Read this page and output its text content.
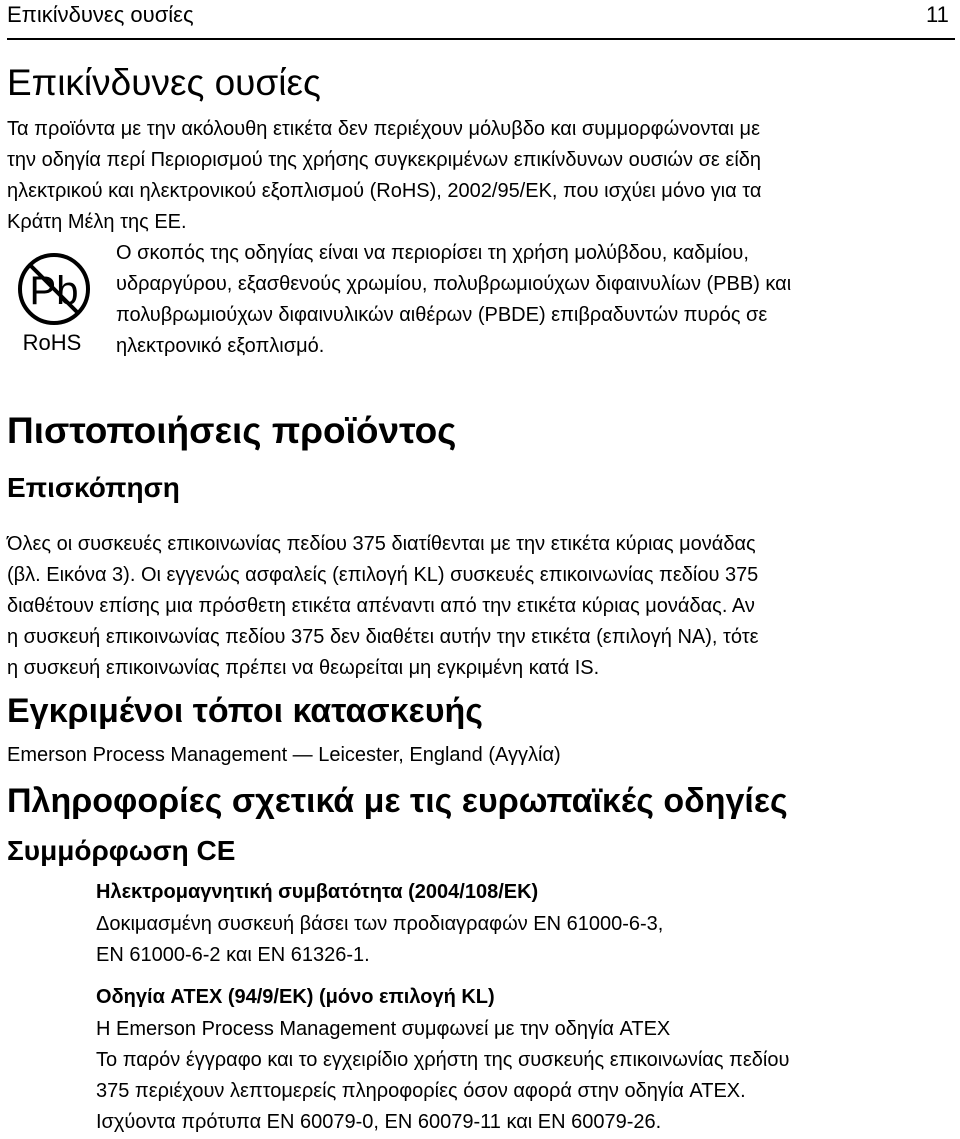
Επικίνδυνες ουσίες	11
Επικίνδυνες ουσίες
Τα προϊόντα με την ακόλουθη ετικέτα δεν περιέχουν μόλυβδο και συμμορφώνονται με
την οδηγία περί Περιορισμού της χρήσης συγκεκριμένων επικίνδυνων ουσιών σε είδη
ηλεκτρικού και ηλεκτρονικού εξοπλισμού (RoHS), 2002/95/ΕΚ, που ισχύει μόνο για τα
Κράτη Μέλη της ΕΕ.
Pb
RoHS
Ο σκοπός της οδηγίας είναι να περιορίσει τη χρήση μολύβδου, καδμίου,
υδραργύρου, εξασθενούς χρωμίου, πολυβρωμιούχων διφαινυλίων (PBB) και
πολυβρωμιούχων διφαινυλικών αιθέρων (PBDE) επιβραδυντών πυρός σε
ηλεκτρονικό εξοπλισμό.
Πιστοποιήσεις προϊόντος
Επισκόπηση
Όλες οι συσκευές επικοινωνίας πεδίου 375 διατίθενται με την ετικέτα κύριας μονάδας
(βλ. Εικόνα 3). Οι εγγενώς ασφαλείς (επιλογή KL) συσκευές επικοινωνίας πεδίου 375
διαθέτουν επίσης μια πρόσθετη ετικέτα απέναντι από την ετικέτα κύριας μονάδας. Αν
η συσκευή επικοινωνίας πεδίου 375 δεν διαθέτει αυτήν την ετικέτα (επιλογή ΝΑ), τότε
η συσκευή επικοινωνίας πρέπει να θεωρείται μη εγκριμένη κατά IS.
Εγκριμένοι τόποι κατασκευής
Emerson Process Management — Leicester, England (Αγγλία)
Πληροφορίες σχετικά με τις ευρωπαϊκές οδηγίες
Συμμόρφωση CE
Ηλεκτρομαγνητική συμβατότητα (2004/108/ΕΚ)
Δοκιμασμένη συσκευή βάσει των προδιαγραφών EN 61000-6-3,
EN 61000-6-2 και EN 61326-1.
Οδηγία ATEX (94/9/ΕΚ) (μόνο επιλογή KL)
Η Emerson Process Management συμφωνεί με την οδηγία ATEX
Το παρόν έγγραφο και το εγχειρίδιο χρήστη της συσκευής επικοινωνίας πεδίου
375 περιέχουν λεπτομερείς πληροφορίες όσον αφορά στην οδηγία ATEX.
Ισχύοντα πρότυπα EN 60079-0, EN 60079-11 και EN 60079-26.
